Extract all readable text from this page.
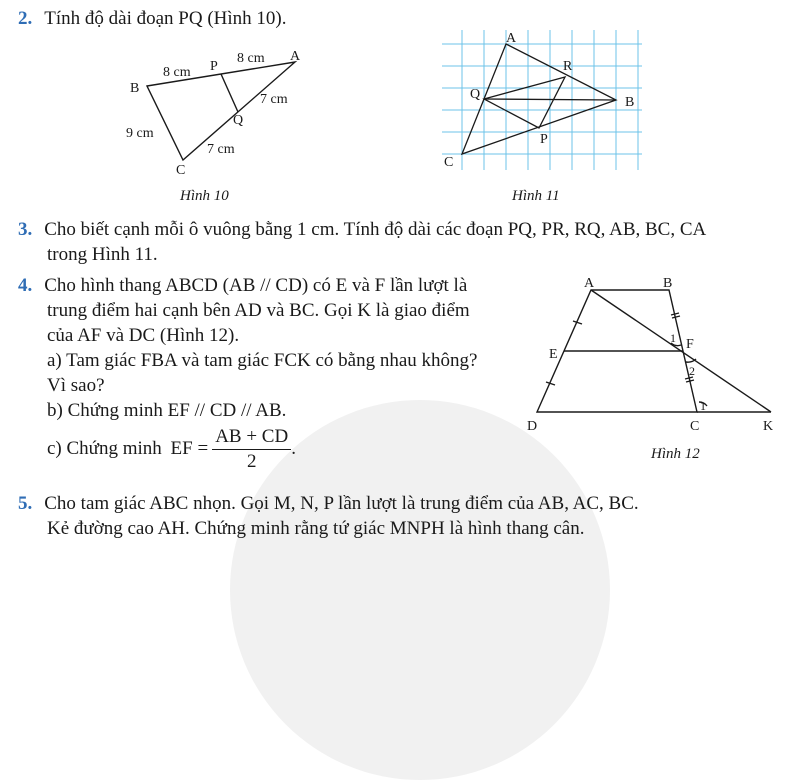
2. Tính độ dài đoạn PQ (Hình 10).
B
A
C
P
Q
8 cm
8 cm
7 cm
7 cm
9 cm
Hình 10
A
B
C
Q
R
P
Hình 11
3. Cho biết cạnh mỗi ô vuông bằng 1 cm. Tính độ dài các đoạn PQ, PR, RQ, AB, BC, CA
trong Hình 11.
4. Cho hình thang ABCD (AB // CD) có E và F lần lượt là
trung điểm hai cạnh bên AD và BC. Gọi K là giao điểm
của AF và DC (Hình 12).
a) Tam giác FBA và tam giác FCK có bằng nhau không?
Vì sao?
b) Chứng minh EF // CD // AB.
c) Chứng minh EF = $\frac{AB + CD}{2}$ .
A	B
D	C	K
E
F
1
2
1
Hình 12
5. Cho tam giác ABC nhọn. Gọi M, N, P lần lượt là trung điểm của AB, AC, BC.
Kẻ đường cao AH. Chứng minh rằng tứ giác MNPH là hình thang cân.
